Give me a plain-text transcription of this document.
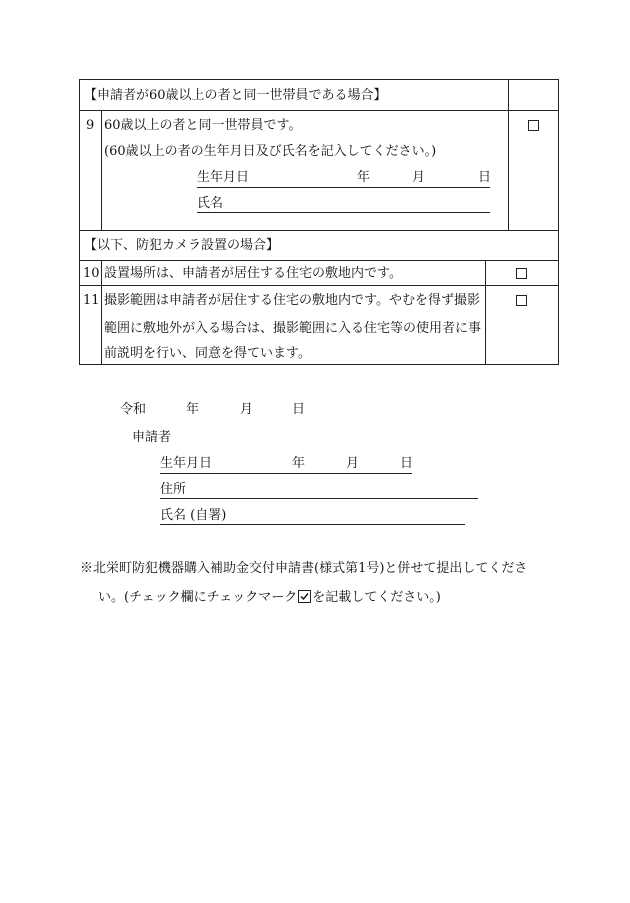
【申請者が60歳以上の者と同一世帯員である場合】
9 60歳以上の者と同一世帯員です。
(60歳以上の者の生年月日及び氏名を記入してください。)
生年月日	年	月	日
氏名
【以下、防犯カメラ設置の場合】
10 設置場所は、申請者が居住する住宅の敷地内です。
11 撮影範囲は申請者が居住する住宅の敷地内です。やむを得ず撮影
範囲に敷地外が入る場合は、撮影範囲に入る住宅等の使用者に事
前説明を行い、同意を得ています。
令和	年	月	日
申請者
生年月日	年	月	日
住所
氏名 (自署)
※北栄町防犯機器購入補助金交付申請書(様式第1号)と併せて提出してくださ
い。(チェック欄にチェックマーク を記載してください。)
